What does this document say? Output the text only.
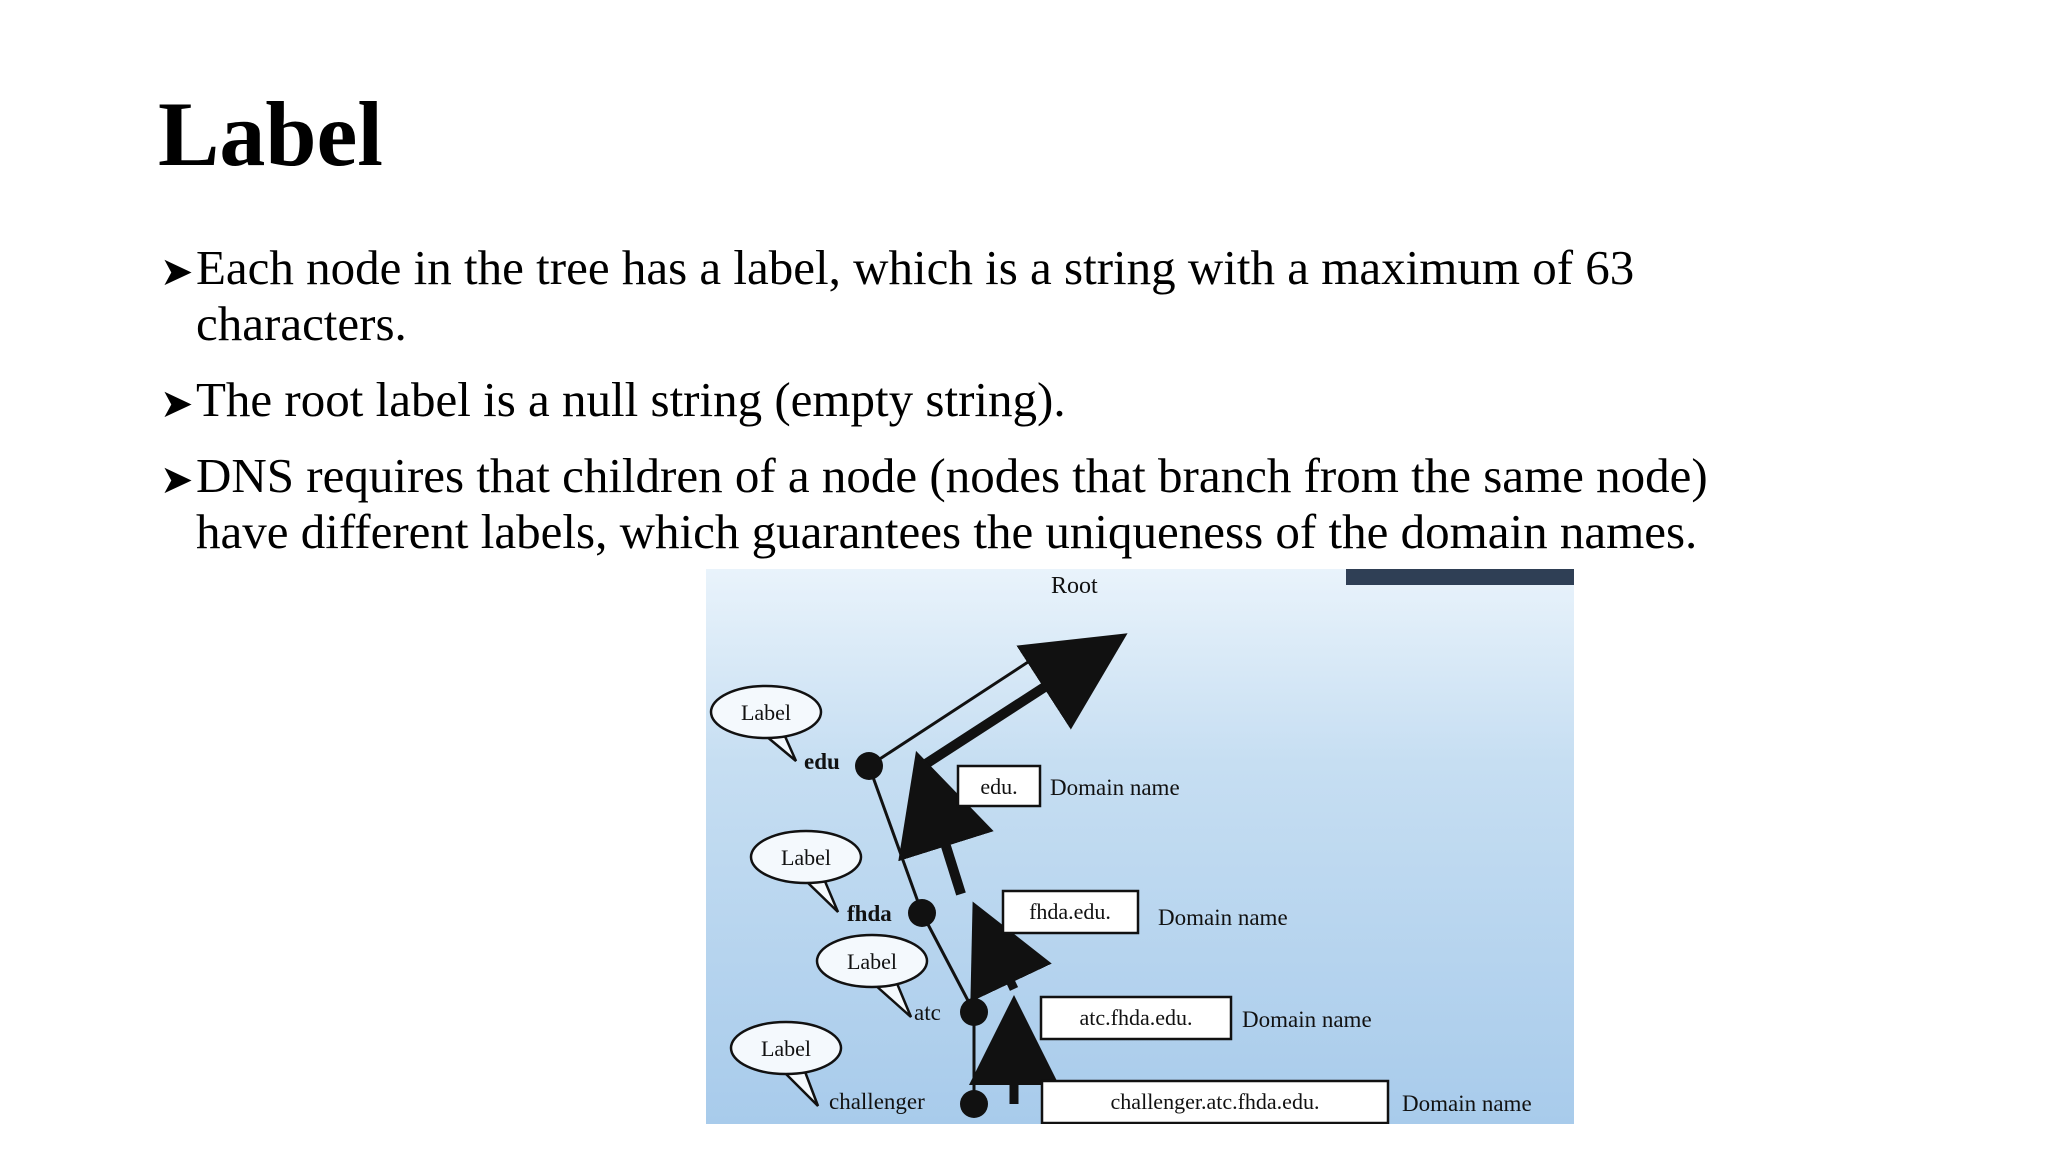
Label
➤ Each node in the tree has a label, which is a string with a maximum of 63
characters.
➤ The root label is a null string (empty string).
➤ DNS requires that children of a node (nodes that branch from the same node)
have different labels, which guarantees the uniqueness of the domain names.
Root
edu
fhda
atc
challenger
Label
Label
Label
Label
edu. Domain name
fhda.edu. Domain name
atc.fhda.edu. Domain name
challenger.atc.fhda.edu.	Domain name
